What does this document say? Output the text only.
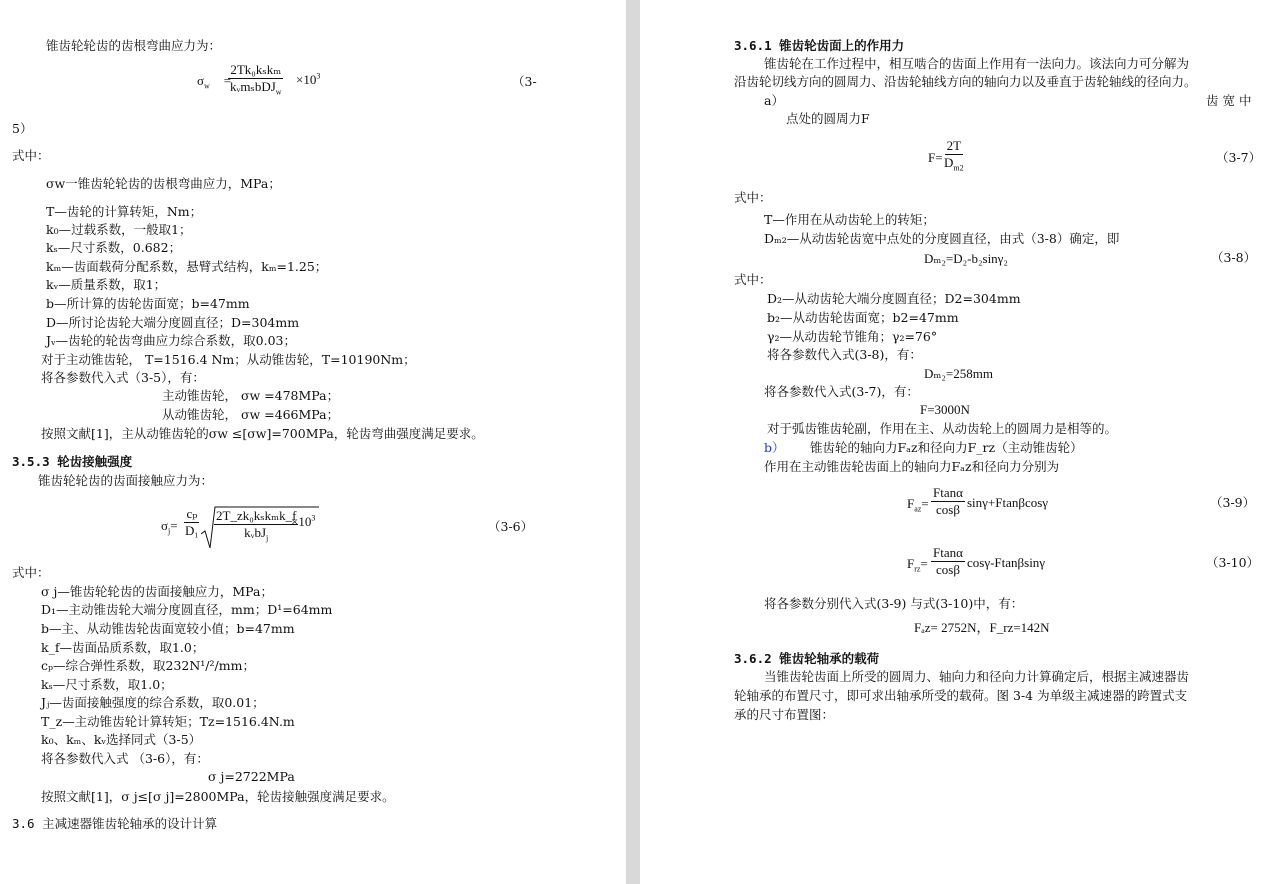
锥齿轮轮齿的齿根弯曲应力为：
$\sigma_w$ =
2Tk₀kₛkₘ
kᵥmₛbDJ$_w$
$\times 10^3$	（3-
5）
式中：
σw一锥齿轮轮齿的齿根弯曲应力，MPa；
T—齿轮的计算转矩，Nm；
k₀—过载系数，一般取1；
kₛ—尺寸系数，0.682；
kₘ—齿面载荷分配系数，悬臂式结构，kₘ=1.25；
kᵥ—质量系数，取1；
b—所计算的齿轮齿面宽；b=47mm
D—所讨论齿轮大端分度圆直径；D=304mm
Jᵥ—齿轮的轮齿弯曲应力综合系数，取0.03；
对于主动锥齿轮， T=1516.4 Nm；从动锥齿轮，T=10190Nm；
将各参数代入式（3-5），有：
主动锥齿轮， σw =478MPa；
从动锥齿轮， σw =466MPa；
按照文献[1]，主从动锥齿轮的σw ≤[σw]=700MPa，轮齿弯曲强度满足要求。
3.5.3 轮齿接触强度
锥齿轮轮齿的齿面接触应力为：
$\sigma_j= \frac{\text{cₚ}}{\text{D₁}}$ 2T_zk₀kₛkₘk_f
kᵥbJ$_j$
$\times 10^3$
（3-6）
式中：
σ j—锥齿轮轮齿的齿面接触应力，MPa；
D₁—主动锥齿轮大端分度圆直径，mm；D¹=64mm
b—主、从动锥齿轮齿面宽较小值；b=47mm
k_f—齿面品质系数，取1.0；
cₚ—综合弹性系数，取232N¹/²/mm；
kₛ—尺寸系数，取1.0；
Jⱼ—齿面接触强度的综合系数，取0.01；
T_z—主动锥齿轮计算转矩；Tz=1516.4N.m
k₀、kₘ、kᵥ选择同式（3-5）
将各参数代入式 （3-6），有：
σ j=2722MPa
按照文献[1]，σ j≤[σ j]=2800MPa，轮齿接触强度满足要求。
3.6 主减速器锥齿轮轴承的设计计算
3.6.1 锥齿轮齿面上的作用力
锥齿轮在工作过程中，相互啮合的齿面上作用有一法向力。该法向力可分解为
沿齿轮切线方向的圆周力、沿齿轮轴线方向的轴向力以及垂直于齿轮轴线的径向力。
a）	齿 宽 中
点处的圆周力F
$F= \frac{2T}{D_{m2}}$	（3-7）
式中：
T—作用在从动齿轮上的转矩；
Dₘ₂—从动齿轮齿宽中点处的分度圆直径，由式（3-8）确定，即
Dₘ₂=D₂-b₂sinγ₂	（3-8）
式中：
D₂—从动齿轮大端分度圆直径；D2=304mm
b₂—从动齿轮齿面宽；b2=47mm
γ₂—从动齿轮节锥角；γ₂=76°
将各参数代入式(3-8)，有：
Dₘ₂=258mm
将各参数代入式(3-7)，有：
F=3000N
对于弧齿锥齿轮副，作用在主、从动齿轮上的圆周力是相等的。
b） 锥齿轮的轴向力Fₐz和径向力F_rz（主动锥齿轮）
作用在主动锥齿轮齿面上的轴向力Fₐz和径向力分别为
$F_{az}= \frac{Ftan\alpha}{\cos\beta} \sin\gamma+Ftan\beta\cos\gamma$	（3-9）
$F_{rz}= \frac{Ftan\alpha}{\cos\beta} \cos\gamma-Ftan\beta\sin\gamma$	（3-10）
将各参数分别代入式(3-9) 与式(3-10)中，有：
Fₐz= 2752N，F_rz=142N
3.6.2 锥齿轮轴承的载荷
当锥齿轮齿面上所受的圆周力、轴向力和径向力计算确定后，根据主减速器齿
轮轴承的布置尺寸，即可求出轴承所受的载荷。图 3-4 为单级主减速器的跨置式支
承的尺寸布置图：
